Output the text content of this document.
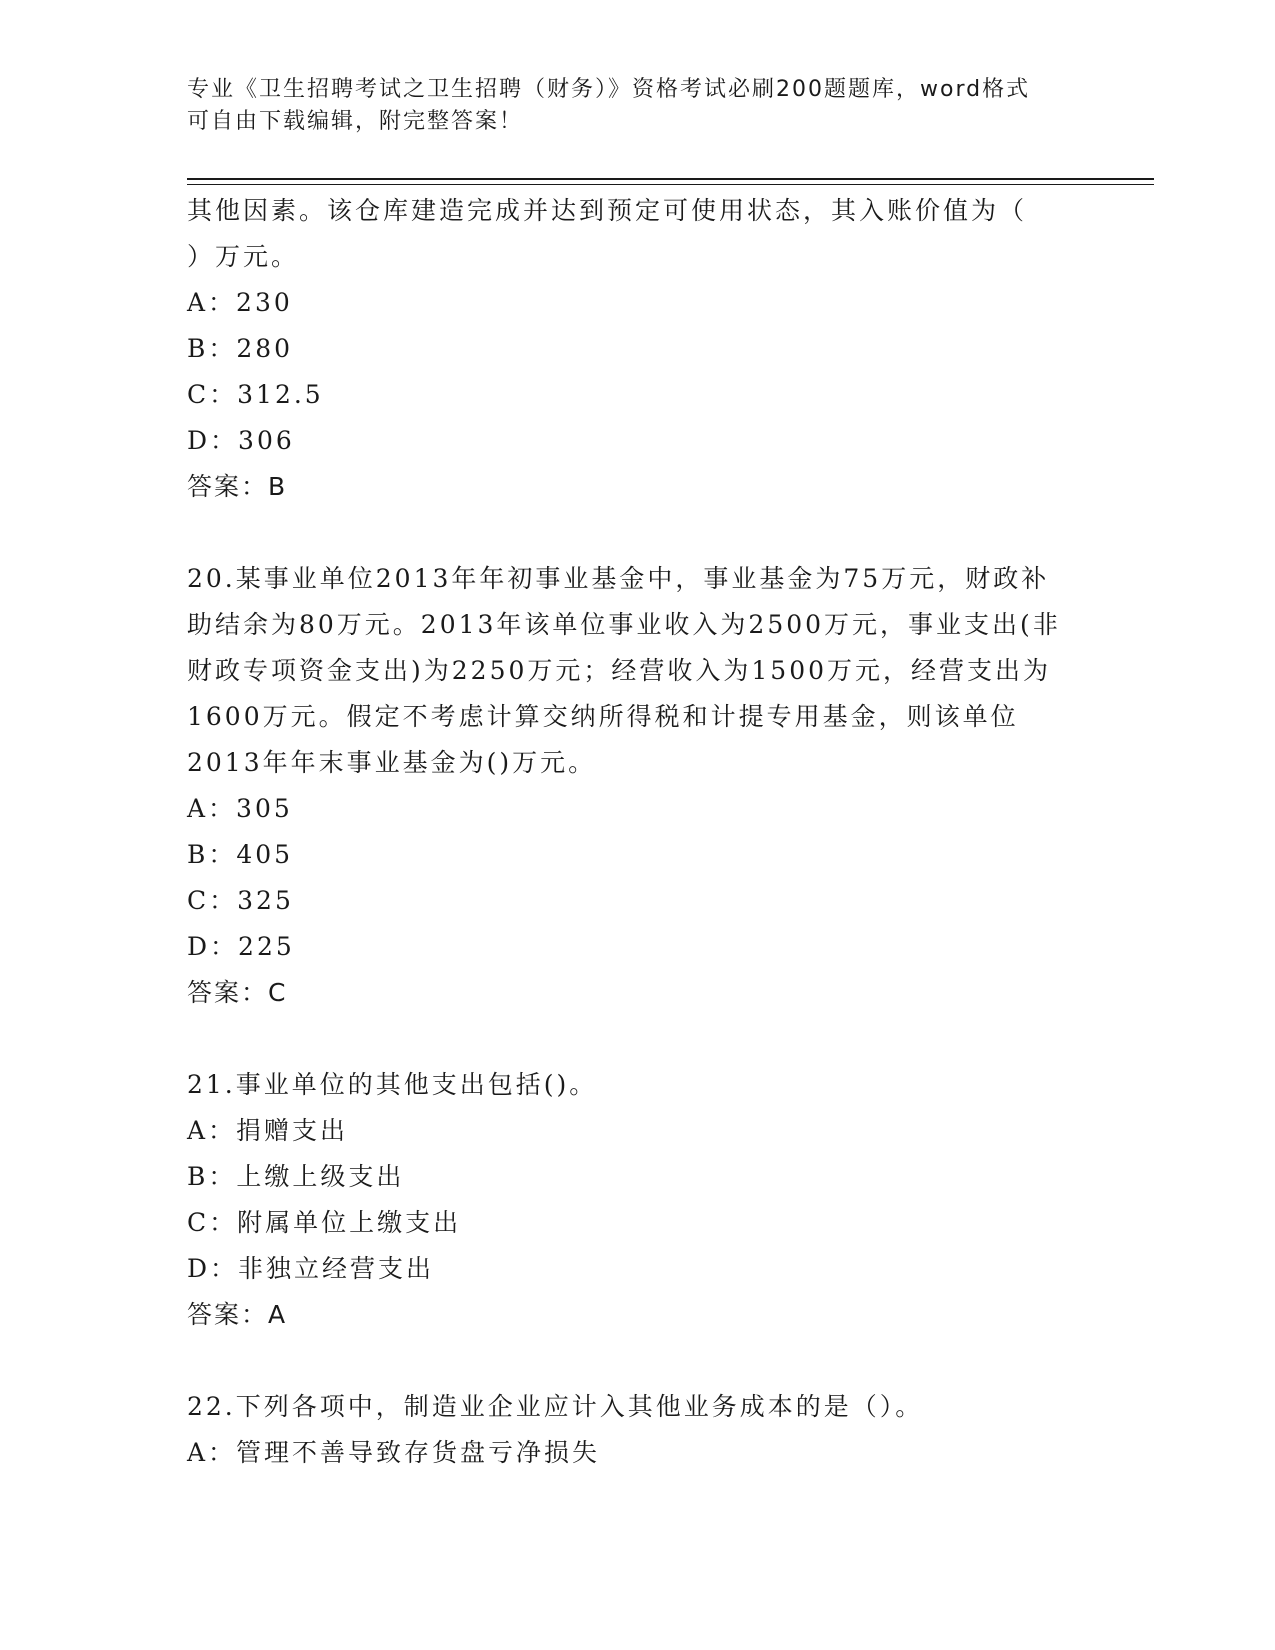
专业《卫生招聘考试之卫生招聘（财务）》资格考试必刷200题题库，word格式
可自由下载编辑，附完整答案！
其他因素。该仓库建造完成并达到预定可使用状态，其入账价值为（
）万元。
A：230
B：280
C：312.5
D：306
答案：B
20.某事业单位2013年年初事业基金中，事业基金为75万元，财政补
助结余为80万元。2013年该单位事业收入为2500万元，事业支出(非
财政专项资金支出)为2250万元；经营收入为1500万元，经营支出为
1600万元。假定不考虑计算交纳所得税和计提专用基金，则该单位
2013年年末事业基金为()万元。
A：305
B：405
C：325
D：225
答案：C
21.事业单位的其他支出包括()。
A：捐赠支出
B：上缴上级支出
C：附属单位上缴支出
D：非独立经营支出
答案：A
22.下列各项中，制造业企业应计入其他业务成本的是（）。
A：管理不善导致存货盘亏净损失
